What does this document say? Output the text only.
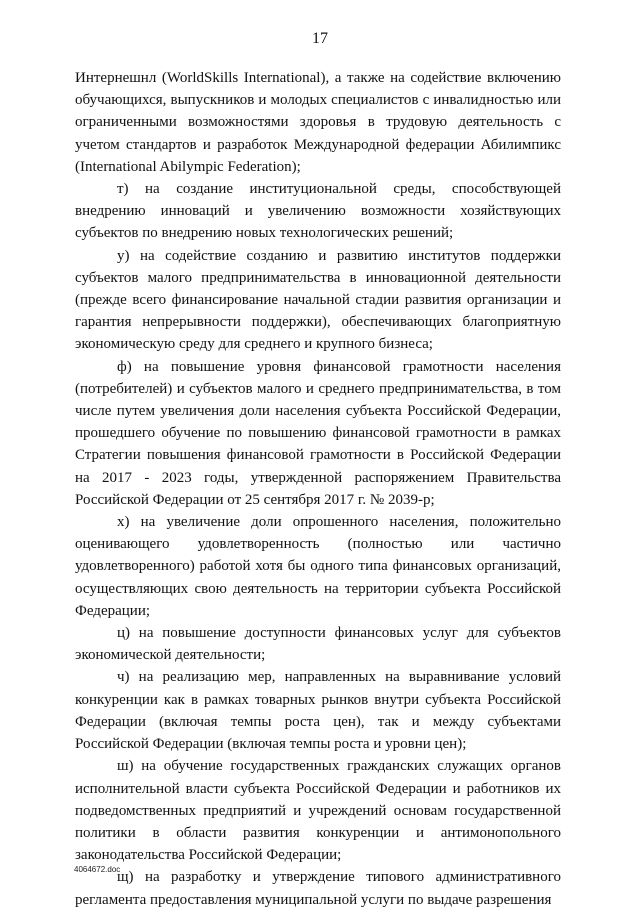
17

Интернешнл (WorldSkills International), а также на содействие включению обучающихся, выпускников и молодых специалистов с инвалидностью или ограниченными возможностями здоровья в трудовую деятельность с учетом стандартов и разработок Международной федерации Абилимпикс (International Abilympic Federation);

т) на создание институциональной среды, способствующей внедрению инноваций и увеличению возможности хозяйствующих субъектов по внедрению новых технологических решений;

у) на содействие созданию и развитию институтов поддержки субъектов малого предпринимательства в инновационной деятельности (прежде всего финансирование начальной стадии развития организации и гарантия непрерывности поддержки), обеспечивающих благоприятную экономическую среду для среднего и крупного бизнеса;

ф) на повышение уровня финансовой грамотности населения (потребителей) и субъектов малого и среднего предпринимательства, в том числе путем увеличения доли населения субъекта Российской Федерации, прошедшего обучение по повышению финансовой грамотности в рамках Стратегии повышения финансовой грамотности в Российской Федерации на 2017 - 2023 годы, утвержденной распоряжением Правительства Российской Федерации от 25 сентября 2017 г. № 2039-р;

х) на увеличение доли опрошенного населения, положительно оценивающего удовлетворенность (полностью или частично удовлетворенного) работой хотя бы одного типа финансовых организаций, осуществляющих свою деятельность на территории субъекта Российской Федерации;

ц) на повышение доступности финансовых услуг для субъектов экономической деятельности;

ч) на реализацию мер, направленных на выравнивание условий конкуренции как в рамках товарных рынков внутри субъекта Российской Федерации (включая темпы роста цен), так и между субъектами Российской Федерации (включая темпы роста и уровни цен);

ш) на обучение государственных гражданских служащих органов исполнительной власти субъекта Российской Федерации и работников их подведомственных предприятий и учреждений основам государственной политики в области развития конкуренции и антимонопольного законодательства Российской Федерации;

щ) на разработку и утверждение типового административного регламента предоставления муниципальной услуги по выдаче разрешения

4064672.doc
